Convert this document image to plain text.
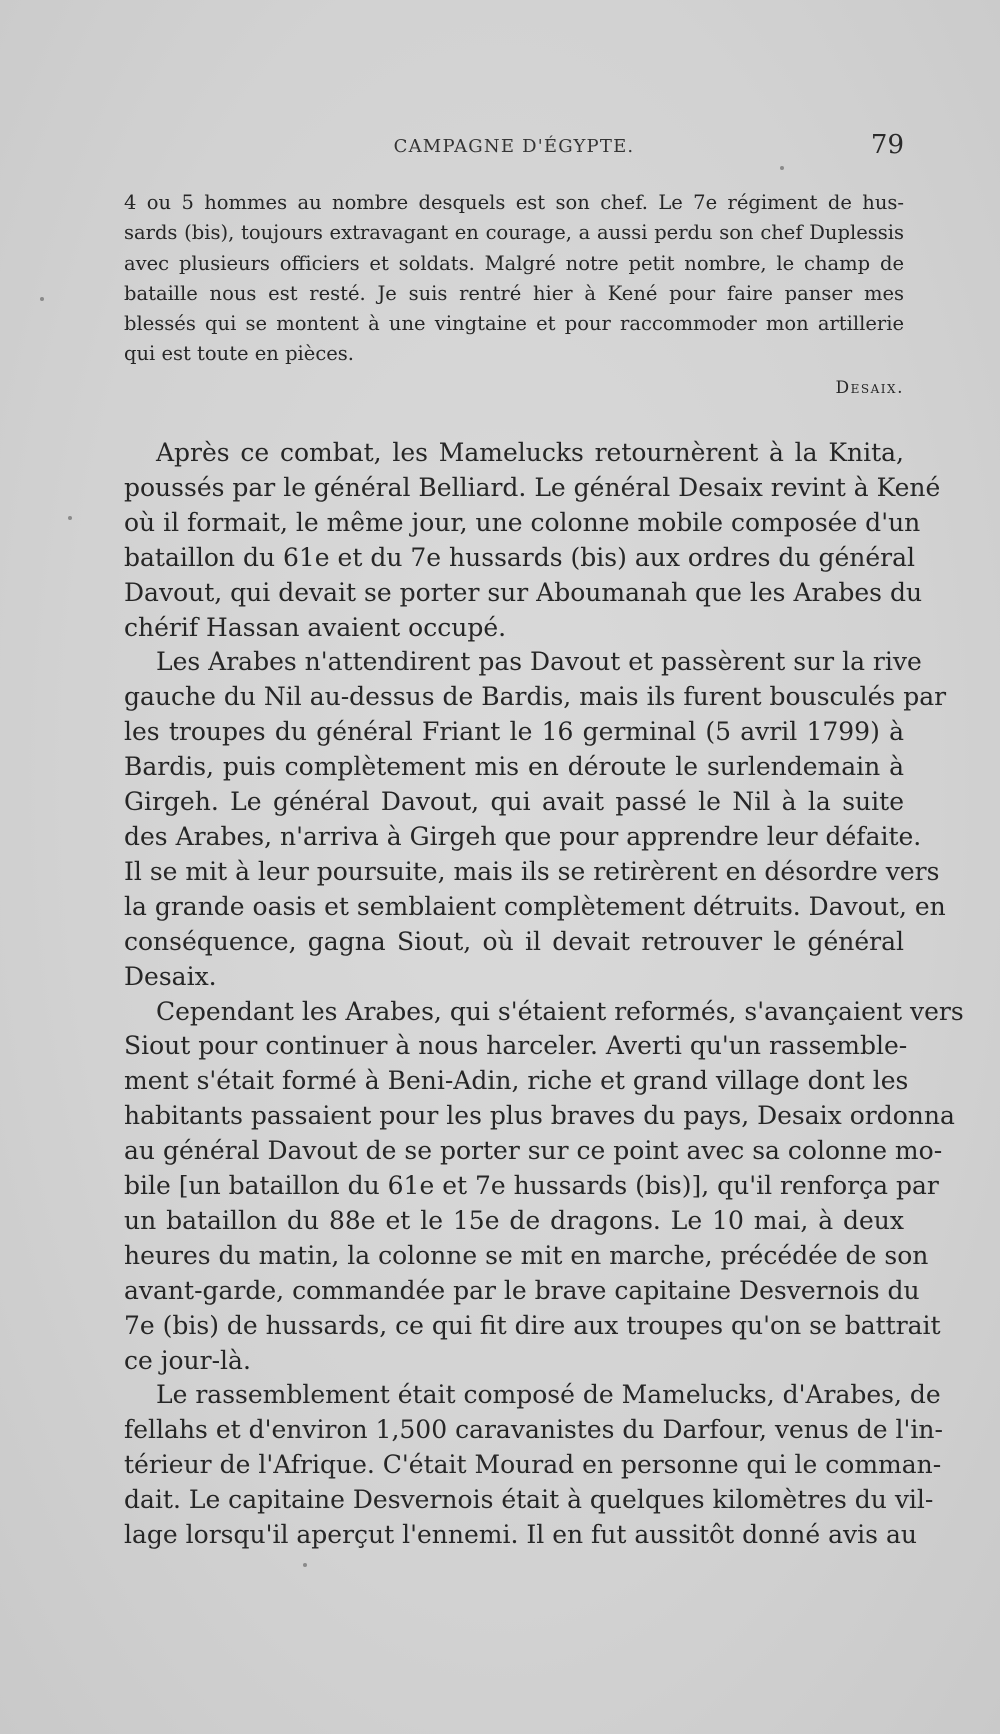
CAMPAGNE D'ÉGYPTE.	79
4 ou 5 hommes au nombre desquels est son chef. Le 7e régiment de hus-
sards (bis), toujours extravagant en courage, a aussi perdu son chef Duplessis
avec plusieurs officiers et soldats. Malgré notre petit nombre, le champ de
bataille nous est resté. Je suis rentré hier à Kené pour faire panser mes
blessés qui se montent à une vingtaine et pour raccommoder mon artillerie
qui est toute en pièces.
Desaix.
Après ce combat, les Mamelucks retournèrent à la Knita,
poussés par le général Belliard. Le général Desaix revint à Kené
où il formait, le même jour, une colonne mobile composée d'un
bataillon du 61e et du 7e hussards (bis) aux ordres du général
Davout, qui devait se porter sur Aboumanah que les Arabes du
chérif Hassan avaient occupé.
Les Arabes n'attendirent pas Davout et passèrent sur la rive
gauche du Nil au-dessus de Bardis, mais ils furent bousculés par
les troupes du général Friant le 16 germinal (5 avril 1799) à
Bardis, puis complètement mis en déroute le surlendemain à
Girgeh. Le général Davout, qui avait passé le Nil à la suite
des Arabes, n'arriva à Girgeh que pour apprendre leur défaite.
Il se mit à leur poursuite, mais ils se retirèrent en désordre vers
la grande oasis et semblaient complètement détruits. Davout, en
conséquence, gagna Siout, où il devait retrouver le général
Desaix.
Cependant les Arabes, qui s'étaient reformés, s'avançaient vers
Siout pour continuer à nous harceler. Averti qu'un rassemble-
ment s'était formé à Beni-Adin, riche et grand village dont les
habitants passaient pour les plus braves du pays, Desaix ordonna
au général Davout de se porter sur ce point avec sa colonne mo-
bile [un bataillon du 61e et 7e hussards (bis)], qu'il renforça par
un bataillon du 88e et le 15e de dragons. Le 10 mai, à deux
heures du matin, la colonne se mit en marche, précédée de son
avant-garde, commandée par le brave capitaine Desvernois du
7e (bis) de hussards, ce qui fit dire aux troupes qu'on se battrait
ce jour-là.
Le rassemblement était composé de Mamelucks, d'Arabes, de
fellahs et d'environ 1,500 caravanistes du Darfour, venus de l'in-
térieur de l'Afrique. C'était Mourad en personne qui le comman-
dait. Le capitaine Desvernois était à quelques kilomètres du vil-
lage lorsqu'il aperçut l'ennemi. Il en fut aussitôt donné avis au
